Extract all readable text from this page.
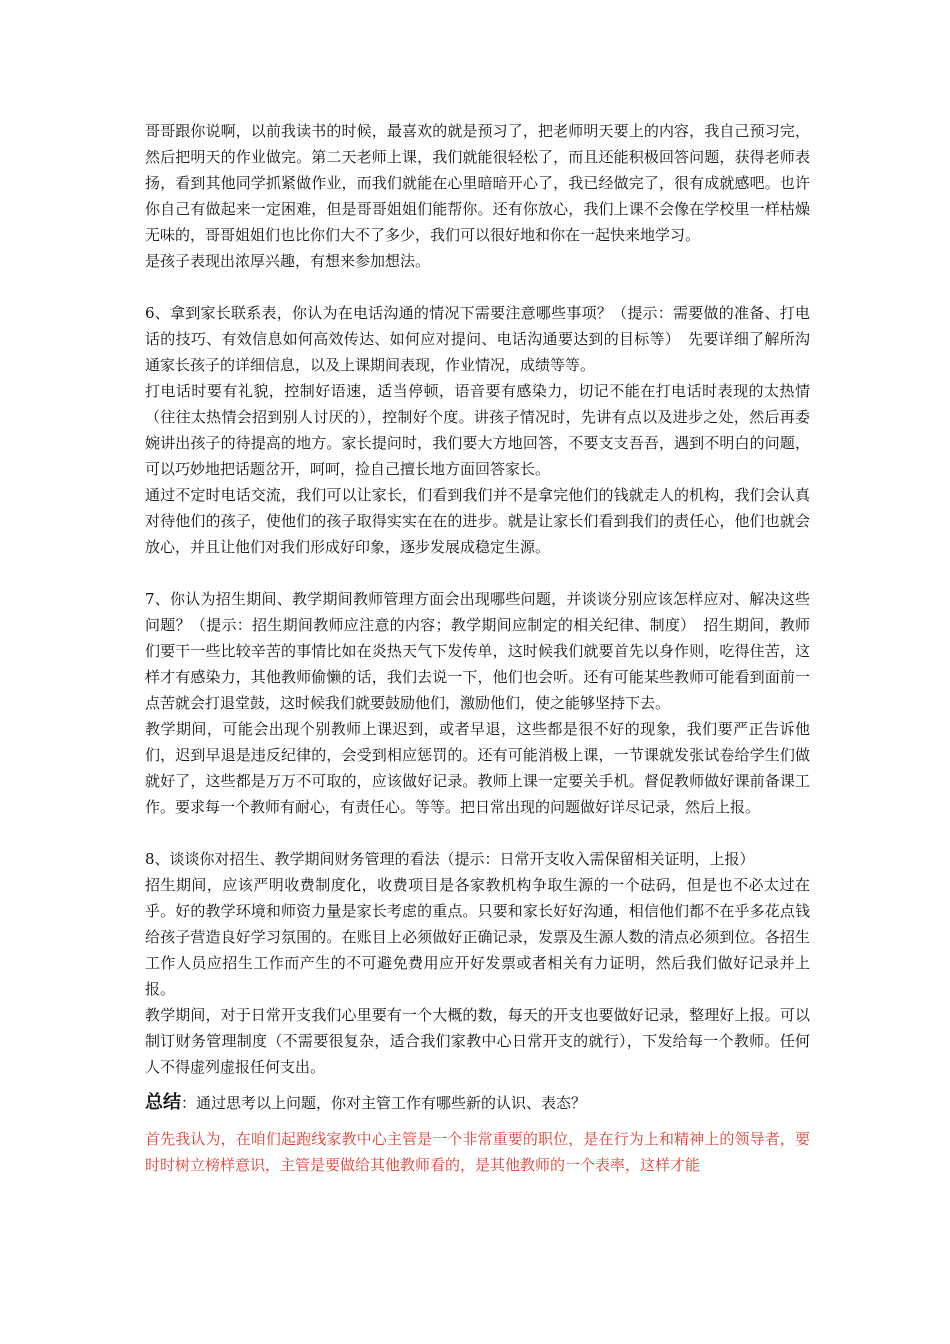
哥哥跟你说啊，以前我读书的时候，最喜欢的就是预习了，把老师明天要上的内容，我自己预习完，然后把明天的作业做完。第二天老师上课，我们就能很轻松了，而且还能积极回答问题，获得老师表扬，看到其他同学抓紧做作业，而我们就能在心里暗暗开心了，我已经做完了，很有成就感吧。也许你自己有做起来一定困难，但是哥哥姐姐们能帮你。还有你放心，我们上课不会像在学校里一样枯燥无味的，哥哥姐姐们也比你们大不了多少，我们可以很好地和你在一起快来地学习。

是孩子表现出浓厚兴趣，有想来参加想法。

6、拿到家长联系表，你认为在电话沟通的情况下需要注意哪些事项？（提示：需要做的准备、打电话的技巧、有效信息如何高效传达、如何应对提问、电话沟通要达到的目标等）　先要详细了解所沟通家长孩子的详细信息，以及上课期间表现，作业情况，成绩等等。

打电话时要有礼貌，控制好语速，适当停顿，语音要有感染力，切记不能在打电话时表现的太热情（往往太热情会招到别人讨厌的），控制好个度。讲孩子情况时，先讲有点以及进步之处，然后再委婉讲出孩子的待提高的地方。家长提问时，我们要大方地回答，不要支支吾吾，遇到不明白的问题，可以巧妙地把话题岔开，呵呵，捡自己擅长地方面回答家长。

通过不定时电话交流，我们可以让家长，们看到我们并不是拿完他们的钱就走人的机构，我们会认真对待他们的孩子，使他们的孩子取得实实在在的进步。就是让家长们看到我们的责任心，他们也就会放心，并且让他们对我们形成好印象，逐步发展成稳定生源。

7、你认为招生期间、教学期间教师管理方面会出现哪些问题，并谈谈分别应该怎样应对、解决这些问题？（提示：招生期间教师应注意的内容；教学期间应制定的相关纪律、制度）　招生期间，教师们要干一些比较辛苦的事情比如在炎热天气下发传单，这时候我们就要首先以身作则，吃得住苦，这样才有感染力，其他教师偷懒的话，我们去说一下，他们也会听。还有可能某些教师可能看到面前一点苦就会打退堂鼓，这时候我们就要鼓励他们，激励他们，使之能够坚持下去。

教学期间，可能会出现个别教师上课迟到，或者早退，这些都是很不好的现象，我们要严正告诉他们，迟到早退是违反纪律的，会受到相应惩罚的。还有可能消极上课，一节课就发张试卷给学生们做就好了，这些都是万万不可取的，应该做好记录。教师上课一定要关手机。督促教师做好课前备课工作。要求每一个教师有耐心，有责任心。等等。把日常出现的问题做好详尽记录，然后上报。

8、谈谈你对招生、教学期间财务管理的看法（提示：日常开支收入需保留相关证明，上报）

招生期间，应该严明收费制度化，收费项目是各家教机构争取生源的一个砝码，但是也不必太过在乎。好的教学环境和师资力量是家长考虑的重点。只要和家长好好沟通，相信他们都不在乎多花点钱给孩子营造良好学习氛围的。在账目上必须做好正确记录，发票及生源人数的清点必须到位。各招生工作人员应招生工作而产生的不可避免费用应开好发票或者相关有力证明，然后我们做好记录并上报。

教学期间，对于日常开支我们心里要有一个大概的数，每天的开支也要做好记录，整理好上报。可以制订财务管理制度（不需要很复杂，适合我们家教中心日常开支的就行），下发给每一个教师。任何人不得虚列虚报任何支出。

总结：通过思考以上问题，你对主管工作有哪些新的认识、表态？

首先我认为，在咱们起跑线家教中心主管是一个非常重要的职位，是在行为上和精神上的领导者，要时时树立榜样意识，主管是要做给其他教师看的，是其他教师的一个表率，这样才能
